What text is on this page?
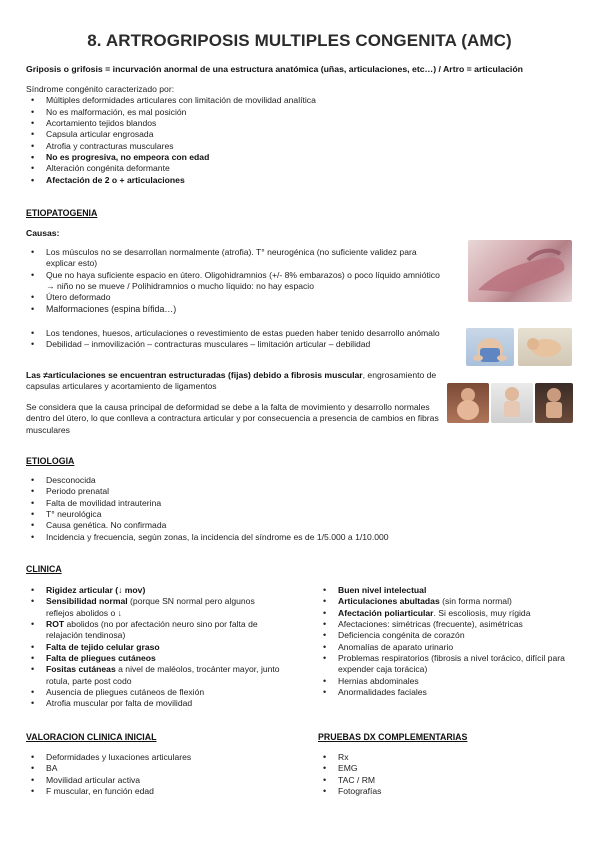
8. ARTROGRIPOSIS MULTIPLES CONGENITA (AMC)
Griposis o grifosis = incurvación anormal de una estructura anatómica (uñas, articulaciones, etc…) / Artro = articulación

Síndrome congénito caracterizado por:

• Múltiples deformidades articulares con limitación de movilidad analítica
• No es malformación, es mal posición
• Acortamiento tejidos blandos
• Capsula articular engrosada
• Atrofia y contracturas musculares
• No es progresiva, no empeora con edad
• Alteración congénita deformante
• Afectación de 2 o + articulaciones
ETIOPATOGENIA
Causas:
• Los músculos no se desarrollan normalmente (atrofia). T° neurogénica (no suficiente validez para explicar esto)
• Que no haya suficiente espacio en útero. Oligohidramnios (+/- 8% embarazos) o poco líquido amniótico → niño no se mueve / Polihidramnios o mucho líquido: no hay espacio
• Útero deformado
• Malformaciones (espina bífida…)
• Los tendones, huesos, articulaciones o revestimiento de estas pueden haber tenido desarrollo anómalo
• Debilidad – inmovilización – contracturas musculares – limitación articular – debilidad

Las ≠articulaciones se encuentran estructuradas (fijas) debido a fibrosis muscular, engrosamiento de capsulas articulares y acortamiento de ligamentos

Se considera que la causa principal de deformidad se debe a la falta de movimiento y desarrollo normales dentro del útero, lo que conlleva a contractura articular y por consecuencia a presencia de cambios en fibras musculares

ETIOLOGIA
• Desconocida
• Periodo prenatal
• Falta de movilidad intrauterina
• T° neurológica
• Causa genética. No confirmada
• Incidencia y frecuencia, según zonas, la incidencia del síndrome es de 1/5.000 a 1/10.000
CLINICA
• Rigidez articular (↓ mov)
• Sensibilidad normal (porque SN normal pero algunos reflejos abolidos o ↓
• ROT abolidos (no por afectación neuro sino por falta de relajación tendinosa)
• Falta de tejido celular graso
• Falta de pliegues cutáneos
• Fositas cutáneas a nivel de maléolos, trocánter mayor, junto rotula, parte post codo
• Ausencia de pliegues cutáneos de flexión
• Atrofia muscular por falta de movilidad
• Buen nivel intelectual
• Articulaciones abultadas (sin forma normal)
• Afectación poliarticular. Si escoliosis, muy rígida
• Afectaciones: simétricas (frecuente), asimétricas
• Deficiencia congénita de corazón
• Anomalías de aparato urinario
• Problemas respiratorios (fibrosis a nivel torácico, difícil para expender caja torácica)
• Hernias abdominales
• Anormalidades faciales
VALORACION CLINICA INICIAL
• Deformidades y luxaciones articulares
• BA
• Movilidad articular activa
• F muscular, en función edad
PRUEBAS DX COMPLEMENTARIAS
• Rx
• EMG
• TAC / RM
• Fotografías
